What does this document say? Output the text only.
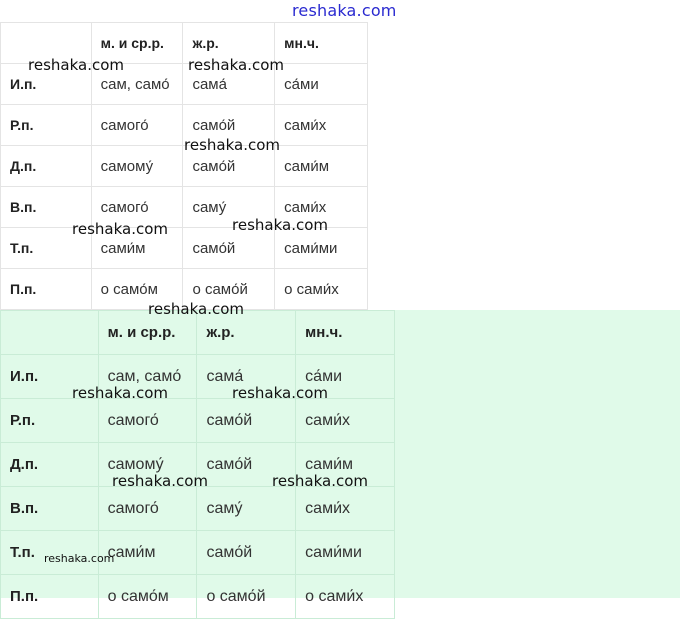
reshaka.com
	м. и ср.р.	ж.р.	мн.ч.
И.п.	сам, само́	сама́	са́ми
Р.п.	самого́	само́й	сами́х
Д.п.	самому́	само́й	сами́м
В.п.	самого́	саму́	сами́х
Т.п.	сами́м	само́й	сами́ми
П.п.	о само́м	о само́й	о сами́х
	м. и ср.р.	ж.р.	мн.ч.
И.п.	сам, само́	сама́	са́ми
Р.п.	самого́	само́й	сами́х
Д.п.	самому́	само́й	сами́м
В.п.	самого́	саму́	сами́х
Т.п.	сами́м	само́й	сами́ми
П.п.	о само́м	о само́й	о сами́х
reshaka.com	reshaka.com
reshaka.com
reshaka.com
reshaka.com
reshaka.com
reshaka.com	reshaka.com
reshaka.com	reshaka.com
reshaka.com
